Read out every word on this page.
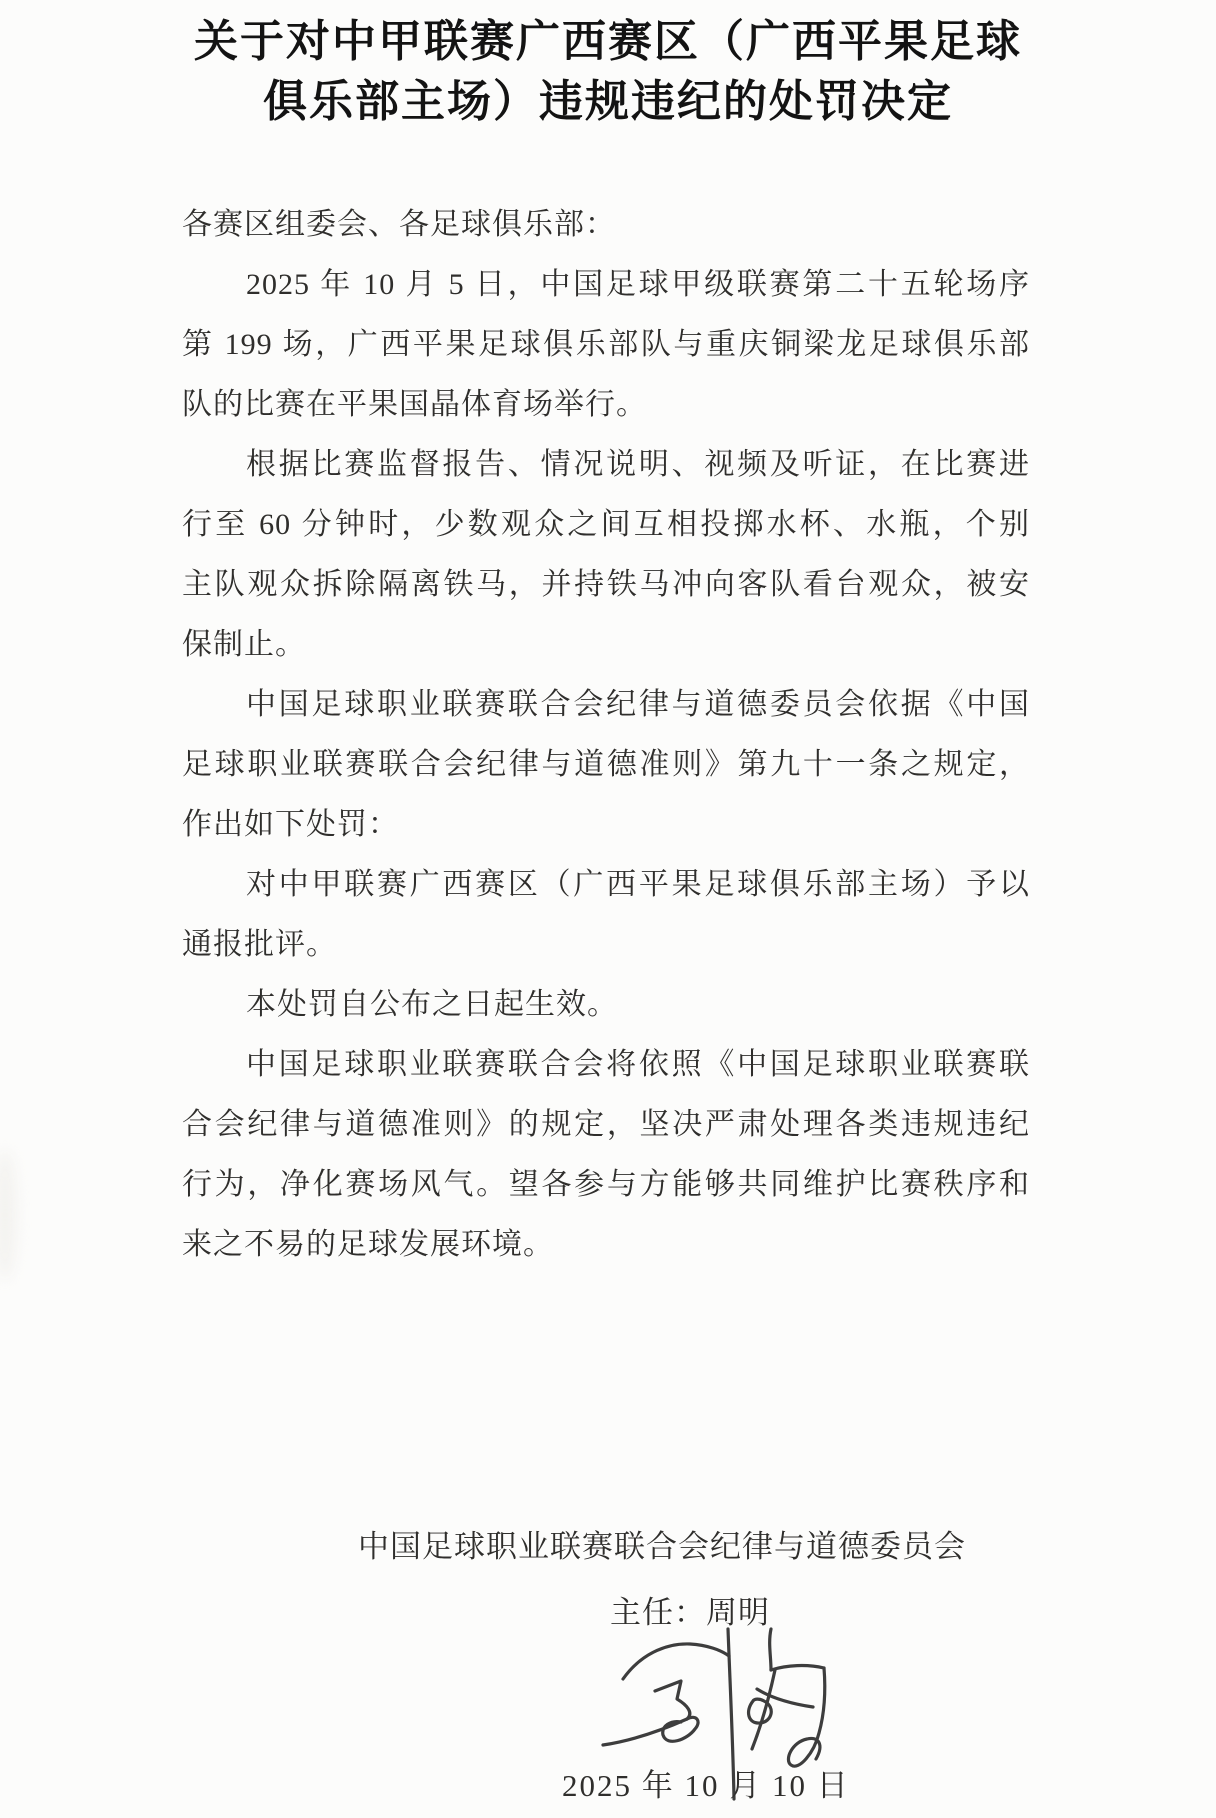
关于对中甲联赛广西赛区（广西平果足球
俱乐部主场）违规违纪的处罚决定
各赛区组委会、各足球俱乐部：
2025 年 10 月 5 日，中国足球甲级联赛第二十五轮场序
第 199 场，广西平果足球俱乐部队与重庆铜梁龙足球俱乐部
队的比赛在平果国晶体育场举行。
根据比赛监督报告、情况说明、视频及听证，在比赛进
行至 60 分钟时，少数观众之间互相投掷水杯、水瓶，个别
主队观众拆除隔离铁马，并持铁马冲向客队看台观众，被安
保制止。
中国足球职业联赛联合会纪律与道德委员会依据《中国
足球职业联赛联合会纪律与道德准则》第九十一条之规定，
作出如下处罚：
对中甲联赛广西赛区（广西平果足球俱乐部主场）予以
通报批评。
本处罚自公布之日起生效。
中国足球职业联赛联合会将依照《中国足球职业联赛联
合会纪律与道德准则》的规定，坚决严肃处理各类违规违纪
行为，净化赛场风气。望各参与方能够共同维护比赛秩序和
来之不易的足球发展环境。
中国足球职业联赛联合会纪律与道德委员会
主任：周明
2025 年 10 月 10 日
